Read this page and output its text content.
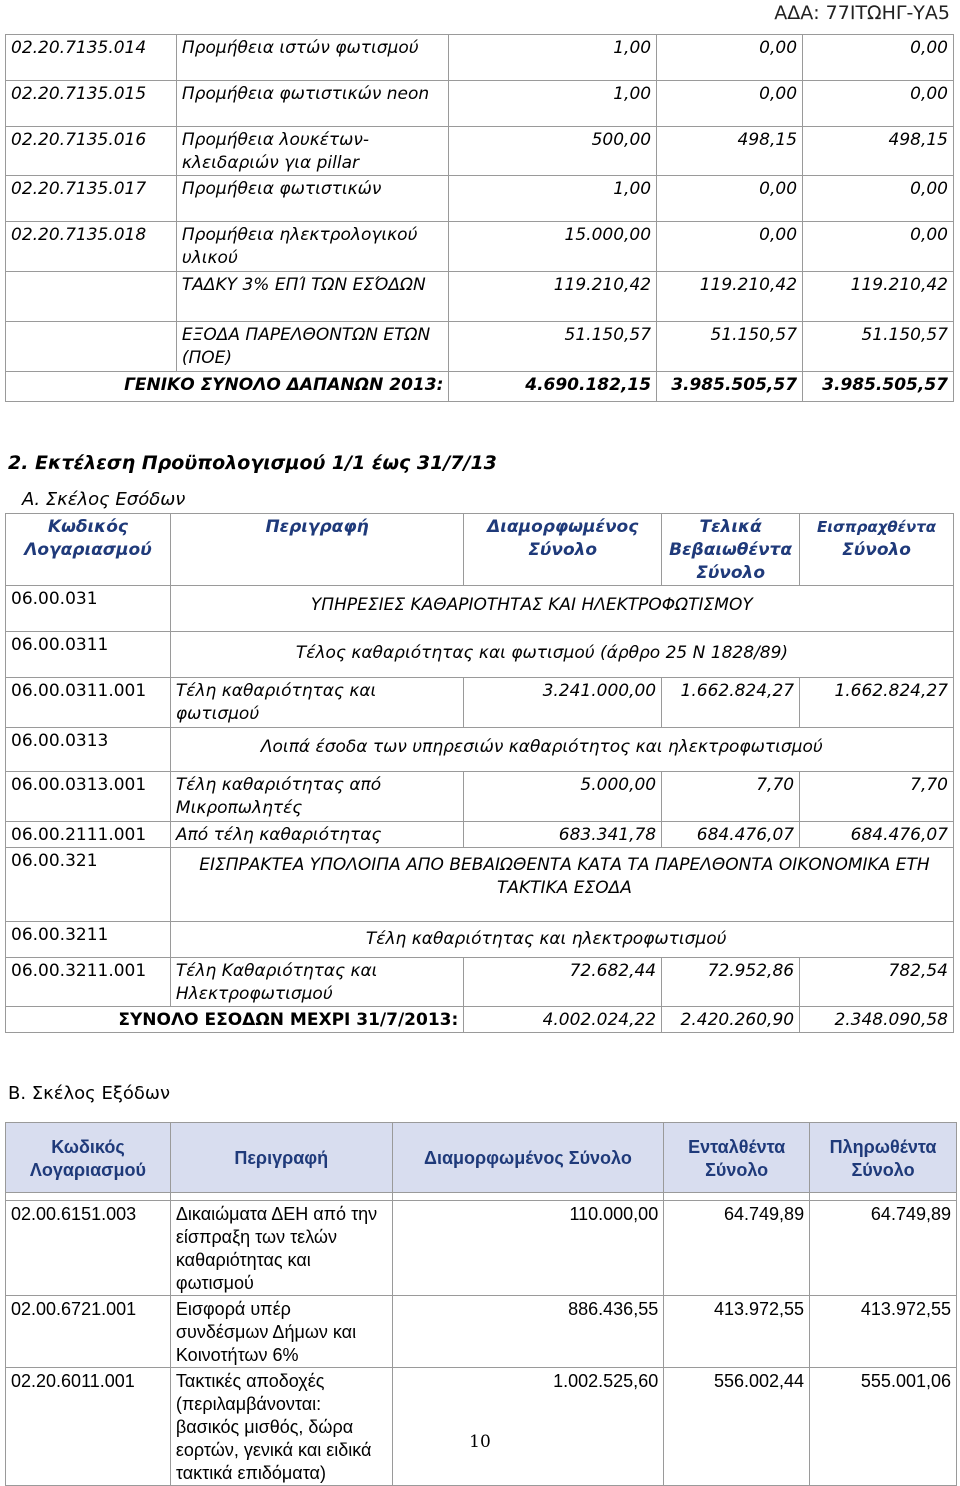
ΑΔΑ: 77ΙΤΩΗΓ-ΥΑ5
02.20.7135.014	Προμήθεια ιστών φωτισμού	1,00	0,00	0,00
02.20.7135.015	Προμήθεια φωτιστικών neon	1,00	0,00	0,00
02.20.7135.016	Προμήθεια λουκέτων- κλειδαριών για pillar	500,00	498,15	498,15
02.20.7135.017	Προμήθεια φωτιστικών	1,00	0,00	0,00
02.20.7135.018	Προμήθεια ηλεκτρολογικού υλικού	15.000,00	0,00	0,00
	ΤΑΔΚΥ 3% ΕΠΊ ΤΩΝ ΕΣΌΔΩΝ	119.210,42	119.210,42	119.210,42
	ΕΞΟΔΑ ΠΑΡΕΛΘΟΝΤΩΝ ΕΤΩΝ (ΠΟΕ)	51.150,57	51.150,57	51.150,57
ΓΕΝΙΚΟ ΣΥΝΟΛΟ ΔΑΠΑΝΩΝ 2013:		4.690.182,15	3.985.505,57	3.985.505,57
2. Εκτέλεση Προϋπολογισμού 1/1 έως 31/7/13
Α. Σκέλος Εσόδων
Κωδικός Λογαριασμού	Περιγραφή	Διαμορφωμένος Σύνολο	Τελικά Βεβαιωθέντα Σύνολο	Εισπραχθέντα
Σύνολο

06.00.031	ΥΠΗΡΕΣΙΕΣ ΚΑΘΑΡΙΟΤΗΤΑΣ ΚΑΙ ΗΛΕΚΤΡΟΦΩΤΙΣΜΟΥ			
06.00.0311	Τέλος καθαριότητας και φωτισμού (άρθρο 25 Ν 1828/89)			
06.00.0311.001	Τέλη καθαριότητας και φωτισμού	3.241.000,00	1.662.824,27	1.662.824,27
06.00.0313	Λοιπά έσοδα των υπηρεσιών καθαριότητος και ηλεκτροφωτισμού			
06.00.0313.001	Τέλη καθαριότητας από Μικροπωλητές	5.000,00	7,70	7,70
06.00.2111.001	Από τέλη καθαριότητας	683.341,78	684.476,07	684.476,07
06.00.321	ΕΙΣΠΡΑΚΤΕΑ ΥΠΟΛΟΙΠΑ ΑΠΟ ΒΕΒΑΙΩΘΕΝΤΑ ΚΑΤΑ ΤΑ ΠΑΡΕΛΘΟΝΤΑ ΟΙΚΟΝΟΜΙΚΑ ΕΤΗ ΤΑΚΤΙΚΑ ΕΣΟΔΑ			
06.00.3211	Τέλη καθαριότητας και ηλεκτροφωτισμού			
06.00.3211.001	Τέλη Καθαριότητας και Ηλεκτροφωτισμού	72.682,44	72.952,86	782,54
ΣΥΝΟΛΟ ΕΣΟΔΩΝ ΜΕΧΡΙ 31/7/2013:		4.002.024,22	2.420.260,90	2.348.090,58
Β. Σκέλος Εξόδων
Κωδικός Λογαριασμού	Περιγραφή	Διαμορφωμένος Σύνολο	Ενταλθέντα Σύνολο	Πληρωθέντα Σύνολο

02.00.6151.003	Δικαιώματα ΔΕΗ από την είσπραξη των τελών καθαριότητας και φωτισμού	110.000,00	64.749,89	64.749,89
02.00.6721.001	Εισφορά υπέρ συνδέσμων Δήμων και Κοινοτήτων 6%	886.436,55	413.972,55	413.972,55
02.20.6011.001	Τακτικές αποδοχές (περιλαμβάνονται: βασικός μισθός, δώρα εορτών, γενικά και ειδικά τακτικά επιδόματα)	1.002.525,60	556.002,44	555.001,06
10
